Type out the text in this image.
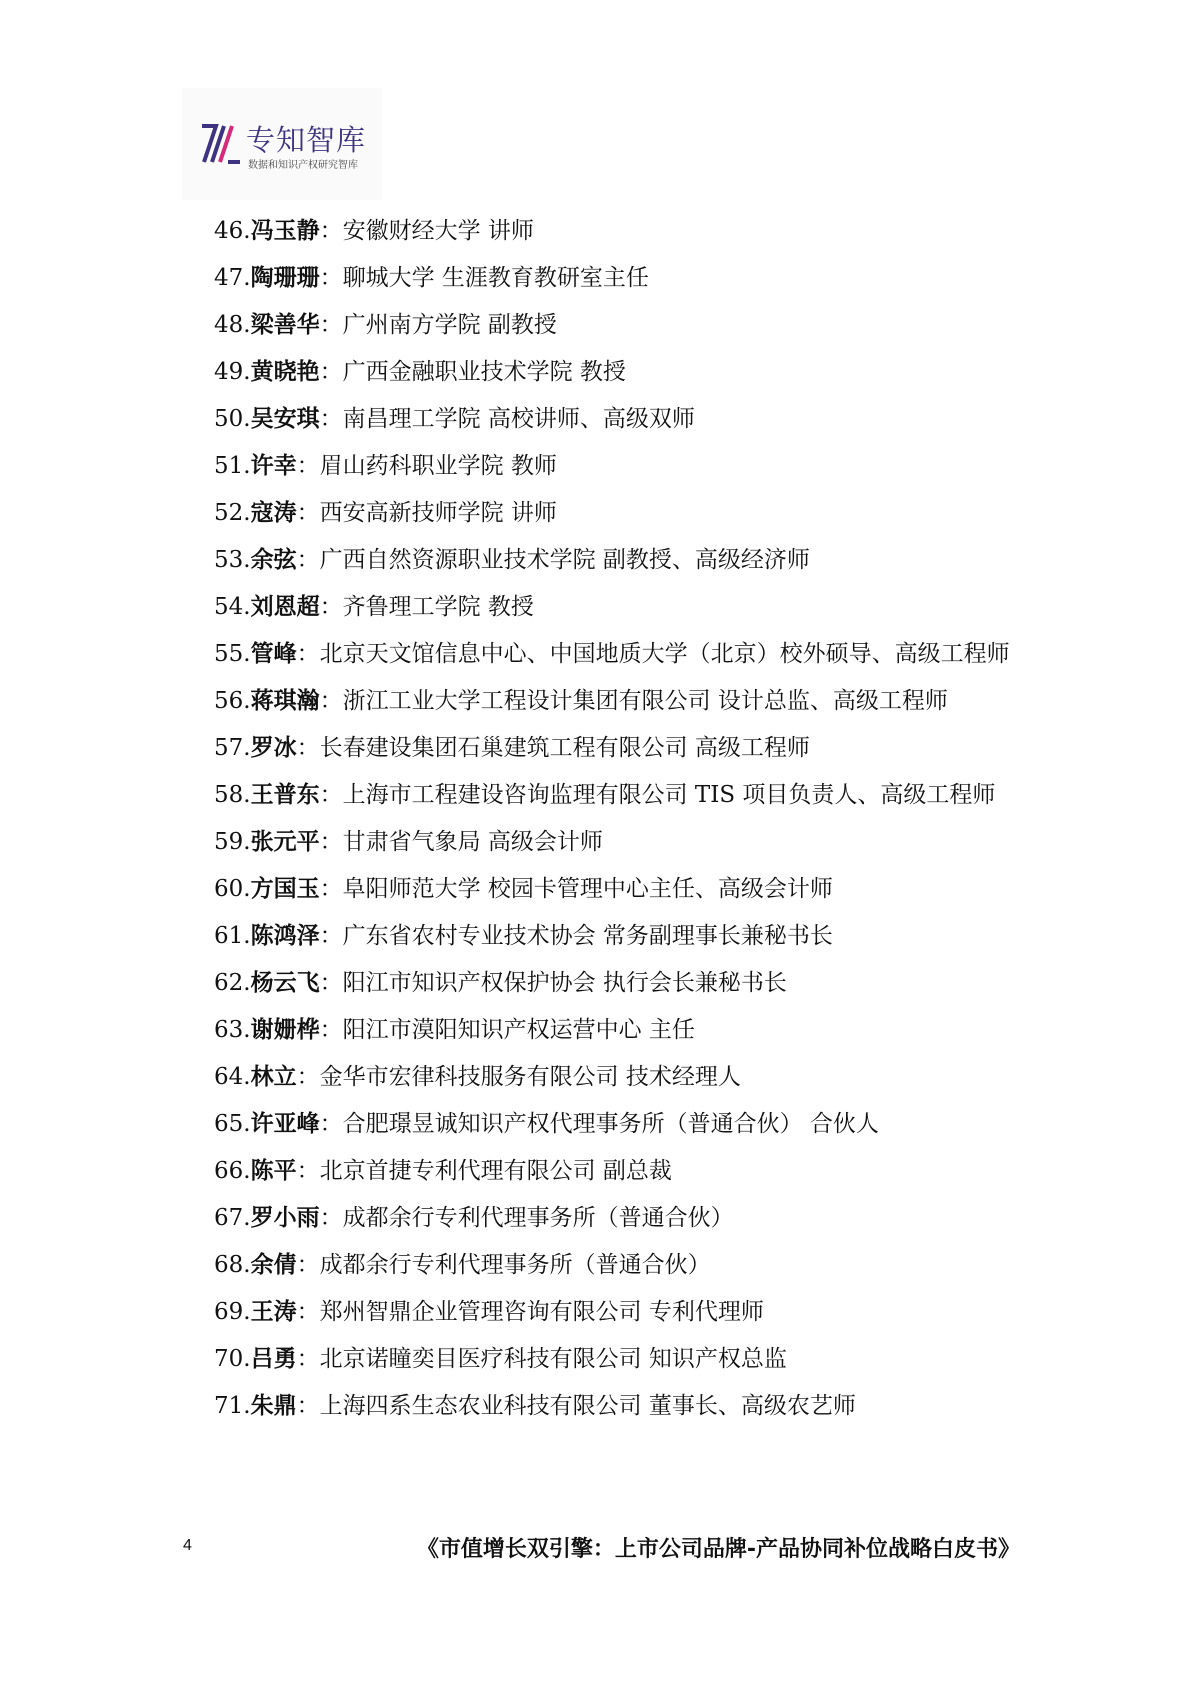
专知智库
数据和知识产权研究智库
46.冯玉静：安徽财经大学 讲师
47.陶珊珊：聊城大学 生涯教育教研室主任
48.梁善华：广州南方学院 副教授
49.黄晓艳：广西金融职业技术学院 教授
50.吴安琪：南昌理工学院 高校讲师、高级双师
51.许幸：眉山药科职业学院 教师
52.寇涛：西安高新技师学院 讲师
53.余弦：广西自然资源职业技术学院 副教授、高级经济师
54.刘恩超：齐鲁理工学院 教授
55.管峰：北京天文馆信息中心、中国地质大学（北京）校外硕导、高级工程师
56.蒋琪瀚：浙江工业大学工程设计集团有限公司 设计总监、高级工程师
57.罗冰：长春建设集团石巢建筑工程有限公司 高级工程师
58.王普东：上海市工程建设咨询监理有限公司 TIS 项目负责人、高级工程师
59.张元平：甘肃省气象局 高级会计师
60.方国玉：阜阳师范大学 校园卡管理中心主任、高级会计师
61.陈鸿泽：广东省农村专业技术协会 常务副理事长兼秘书长
62.杨云飞：阳江市知识产权保护协会 执行会长兼秘书长
63.谢姗桦：阳江市漠阳知识产权运营中心 主任
64.林立：金华市宏律科技服务有限公司 技术经理人
65.许亚峰：合肥璟昱诚知识产权代理事务所（普通合伙） 合伙人
66.陈平：北京首捷专利代理有限公司 副总裁
67.罗小雨：成都余行专利代理事务所（普通合伙）
68.余倩：成都余行专利代理事务所（普通合伙）
69.王涛：郑州智鼎企业管理咨询有限公司 专利代理师
70.吕勇：北京诺瞳奕目医疗科技有限公司 知识产权总监
71.朱鼎：上海四系生态农业科技有限公司 董事长、高级农艺师
4	《市值增长双引擎：上市公司品牌-产品协同补位战略白皮书》
